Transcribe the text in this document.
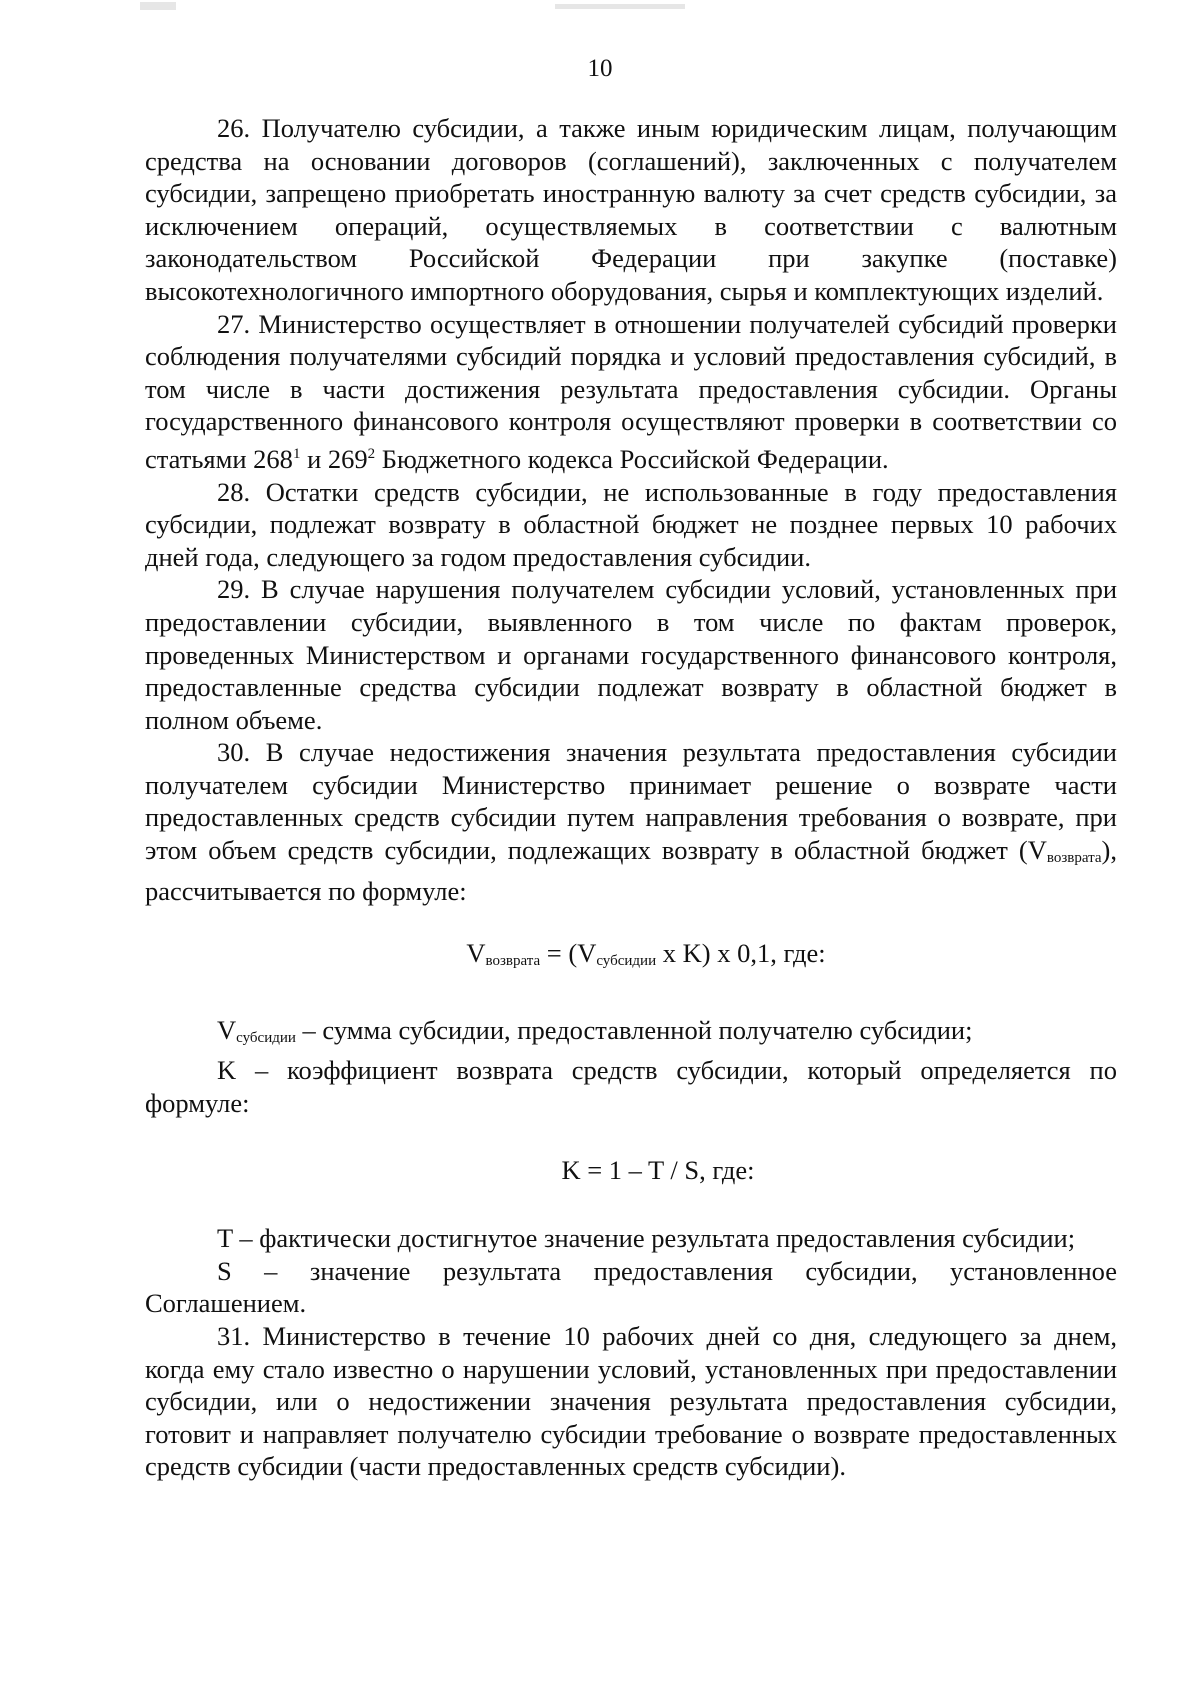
10

26. Получателю субсидии, а также иным юридическим лицам, получающим средства на основании договоров (соглашений), заключенных с получателем субсидии, запрещено приобретать иностранную валюту за счет средств субсидии, за исключением операций, осуществляемых в соответствии с валютным законодательством Российской Федерации при закупке (поставке) высокотехнологичного импортного оборудования, сырья и комплектующих изделий.

27. Министерство осуществляет в отношении получателей субсидий проверки соблюдения получателями субсидий порядка и условий предоставления субсидий, в том числе в части достижения результата предоставления субсидии. Органы государственного финансового контроля осуществляют проверки в соответствии со статьями $268^1$ и $269^2$ Бюджетного кодекса Российской Федерации.

28. Остатки средств субсидии, не использованные в году предоставления субсидии, подлежат возврату в областной бюджет не позднее первых 10 рабочих дней года, следующего за годом предоставления субсидии.

29. В случае нарушения получателем субсидии условий, установленных при предоставлении субсидии, выявленного в том числе по фактам проверок, проведенных Министерством и органами государственного финансового контроля, предоставленные средства субсидии подлежат возврату в областной бюджет в полном объеме.

30. В случае недостижения значения результата предоставления субсидии получателем субсидии Министерство принимает решение о возврате части предоставленных средств субсидии путем направления требования о возврате, при этом объем средств субсидии, подлежащих возврату в областной бюджет $(V_{возврата})$, рассчитывается по формуле:

$V_{возврата} = (V_{субсидии}$ x K) x 0,1, где:

$V_{субсидии}$ – сумма субсидии, предоставленной получателю субсидии;

K – коэффициент возврата средств субсидии, который определяется по формуле:

K = 1 – T / S, где:

T – фактически достигнутое значение результата предоставления субсидии;

S – значение результата предоставления субсидии, установленное Соглашением.

31. Министерство в течение 10 рабочих дней со дня, следующего за днем, когда ему стало известно о нарушении условий, установленных при предоставлении субсидии, или о недостижении значения результата предоставления субсидии, готовит и направляет получателю субсидии требование о возврате предоставленных средств субсидии (части предоставленных средств субсидии).
